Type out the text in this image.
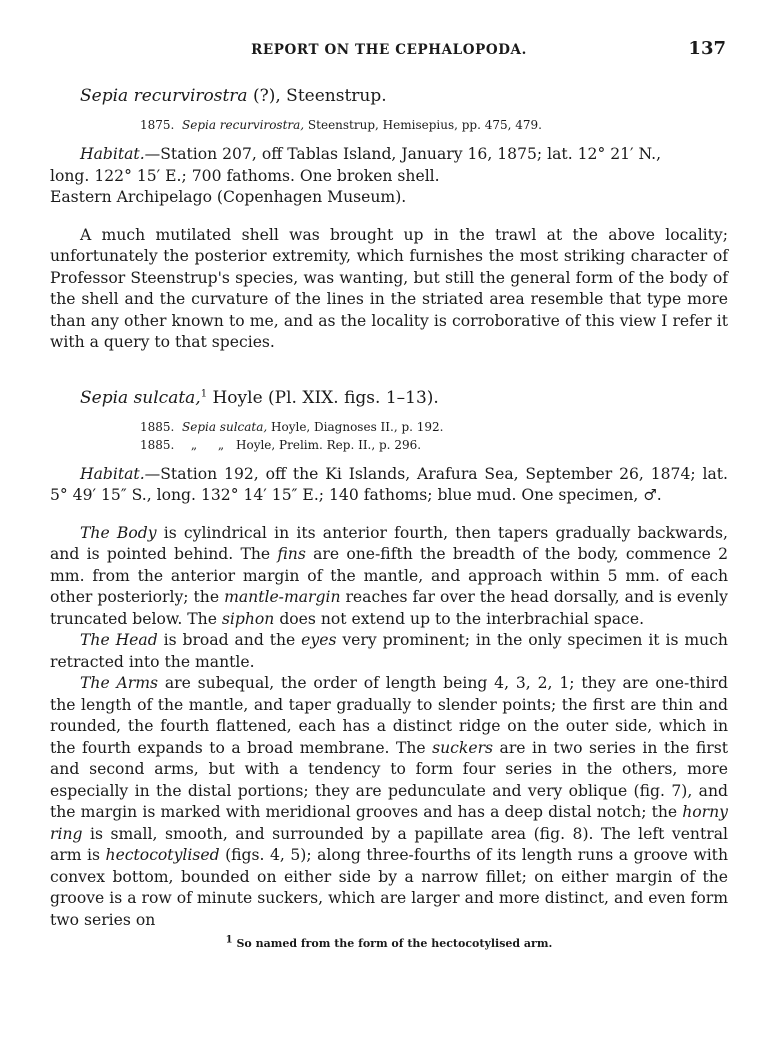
REPORT ON THE CEPHALOPODA.	137
Sepia recurvirostra (?), Steenstrup.
1875. Sepia recurvirostra, Steenstrup, Hemisepius, pp. 475, 479.

Habitat.—Station 207, off Tablas Island, January 16, 1875; lat. 12° 21′ N.,
long. 122° 15′ E.; 700 fathoms. One broken shell.
Eastern Archipelago (Copenhagen Museum).

A much mutilated shell was brought up in the trawl at the above locality; unfortunately the posterior extremity, which furnishes the most striking character of Professor Steenstrup's species, was wanting, but still the general form of the body of the shell and the curvature of the lines in the striated area resemble that type more than any other known to me, and as the locality is corroborative of this view I refer it with a query to that species.

Sepia sulcata,$^1$ Hoyle (Pl. XIX. figs. 1–13).
1885. Sepia sulcata, Hoyle, Diagnoses II., p. 192.
1885.	„	„ Hoyle, Prelim. Rep. II., p. 296.

Habitat.—Station 192, off the Ki Islands, Arafura Sea, September 26, 1874; lat. 5° 49′ 15″ S., long. 132° 14′ 15″ E.; 140 fathoms; blue mud. One specimen, ♂.

The Body is cylindrical in its anterior fourth, then tapers gradually backwards, and is pointed behind. The fins are one-fifth the breadth of the body, commence 2 mm. from the anterior margin of the mantle, and approach within 5 mm. of each other posteriorly; the mantle-margin reaches far over the head dorsally, and is evenly truncated below. The siphon does not extend up to the interbrachial space.

The Head is broad and the eyes very prominent; in the only specimen it is much retracted into the mantle.

The Arms are subequal, the order of length being 4, 3, 2, 1; they are one-third the length of the mantle, and taper gradually to slender points; the first are thin and rounded, the fourth flattened, each has a distinct ridge on the outer side, which in the fourth expands to a broad membrane. The suckers are in two series in the first and second arms, but with a tendency to form four series in the others, more especially in the distal portions; they are pedunculate and very oblique (fig. 7), and the margin is marked with meridional grooves and has a deep distal notch; the horny ring is small, smooth, and surrounded by a papillate area (fig. 8). The left ventral arm is hectocotylised (figs. 4, 5); along three-fourths of its length runs a groove with convex bottom, bounded on either side by a narrow fillet; on either margin of the groove is a row of minute suckers, which are larger and more distinct, and even form two series on

$^1$ So named from the form of the hectocotylised arm.
